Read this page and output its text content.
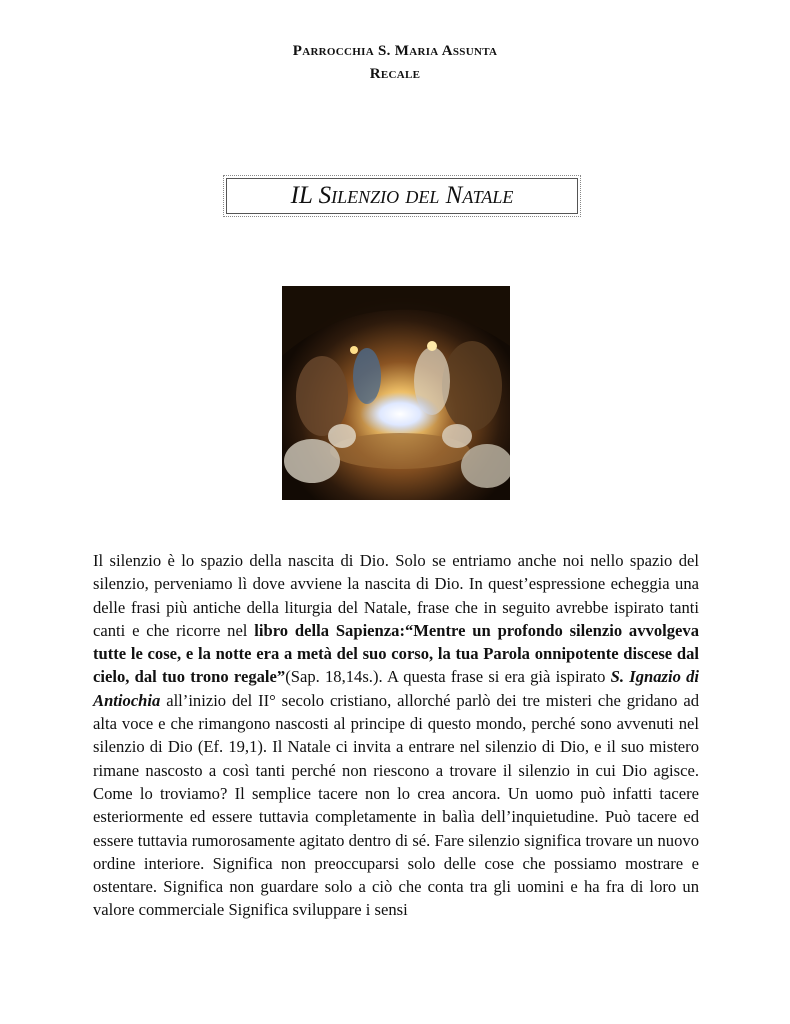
Parrocchia S. Maria Assunta
Recale
IL Silenzio del Natale

Il silenzio è lo spazio della nascita di Dio. Solo se entriamo anche noi nello spazio del silenzio, perveniamo lì dove avviene la nascita di Dio. In quest’espressione echeggia una delle frasi più antiche della liturgia del Natale, frase che in seguito avrebbe ispirato tanti canti e che ricorre nel libro della Sapienza:“Mentre un profondo silenzio avvolgeva tutte le cose, e la notte era a metà del suo corso, la tua Parola onnipotente discese dal cielo, dal tuo trono regale”(Sap. 18,14s.). A questa frase si era già ispirato S. Ignazio di Antiochia all’inizio del II° secolo cristiano, allorché parlò dei tre misteri che gridano ad alta voce e che rimangono nascosti al principe di questo mondo, perché sono avvenuti nel silenzio di Dio (Ef. 19,1). Il Natale ci invita a entrare nel silenzio di Dio, e il suo mistero rimane nascosto a così tanti perché non riescono a trovare il silenzio in cui Dio agisce. Come lo troviamo? Il semplice tacere non lo crea ancora. Un uomo può infatti tacere esteriormente ed essere tuttavia completamente in balìa dell’inquietudine. Può tacere ed essere tuttavia rumorosamente agitato dentro di sé. Fare silenzio significa trovare un nuovo ordine interiore. Significa non preoccuparsi solo delle cose che possiamo mostrare e ostentare. Significa non guardare solo a ciò che conta tra gli uomini e ha fra di loro un valore commerciale Significa sviluppare i sensi
